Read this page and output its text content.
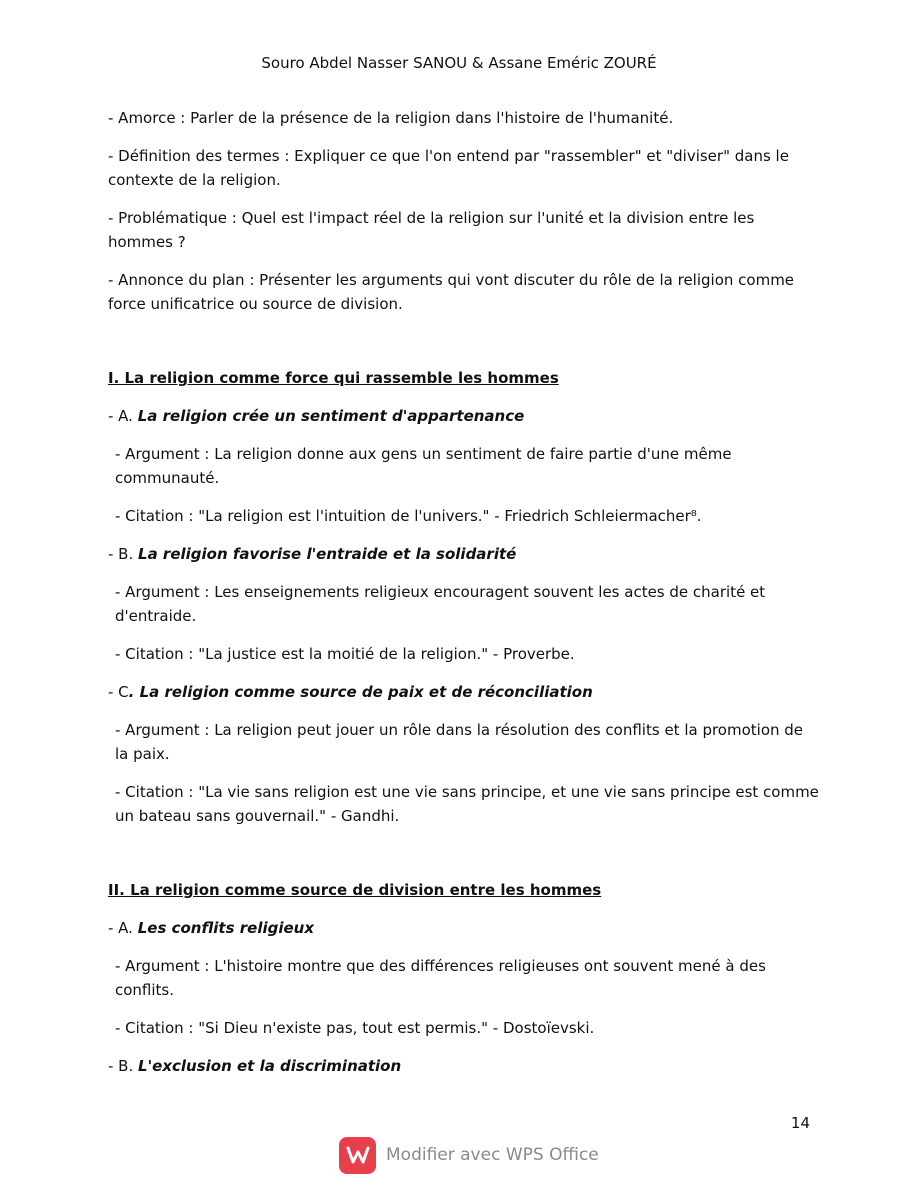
Souro Abdel Nasser SANOU & Assane Eméric ZOURÉ

- Amorce : Parler de la présence de la religion dans l'histoire de l'humanité.

- Définition des termes : Expliquer ce que l'on entend par "rassembler" et "diviser" dans le contexte de la religion.

- Problématique : Quel est l'impact réel de la religion sur l'unité et la division entre les hommes ?

- Annonce du plan : Présenter les arguments qui vont discuter du rôle de la religion comme force unificatrice ou source de division.

I. La religion comme force qui rassemble les hommes

- A. La religion crée un sentiment d'appartenance

- Argument : La religion donne aux gens un sentiment de faire partie d'une même communauté.

- Citation : "La religion est l'intuition de l'univers." - Friedrich Schleiermacher⁸.

- B. La religion favorise l'entraide et la solidarité

- Argument : Les enseignements religieux encouragent souvent les actes de charité et d'entraide.

- Citation : "La justice est la moitié de la religion." - Proverbe.

- C. La religion comme source de paix et de réconciliation

- Argument : La religion peut jouer un rôle dans la résolution des conflits et la promotion de la paix.

- Citation : "La vie sans religion est une vie sans principe, et une vie sans principe est comme un bateau sans gouvernail." - Gandhi.

II. La religion comme source de division entre les hommes

- A. Les conflits religieux

- Argument : L'histoire montre que des différences religieuses ont souvent mené à des conflits.

- Citation : "Si Dieu n'existe pas, tout est permis." - Dostoïevski.

- B. L'exclusion et la discrimination

14
Modifier avec WPS Office
